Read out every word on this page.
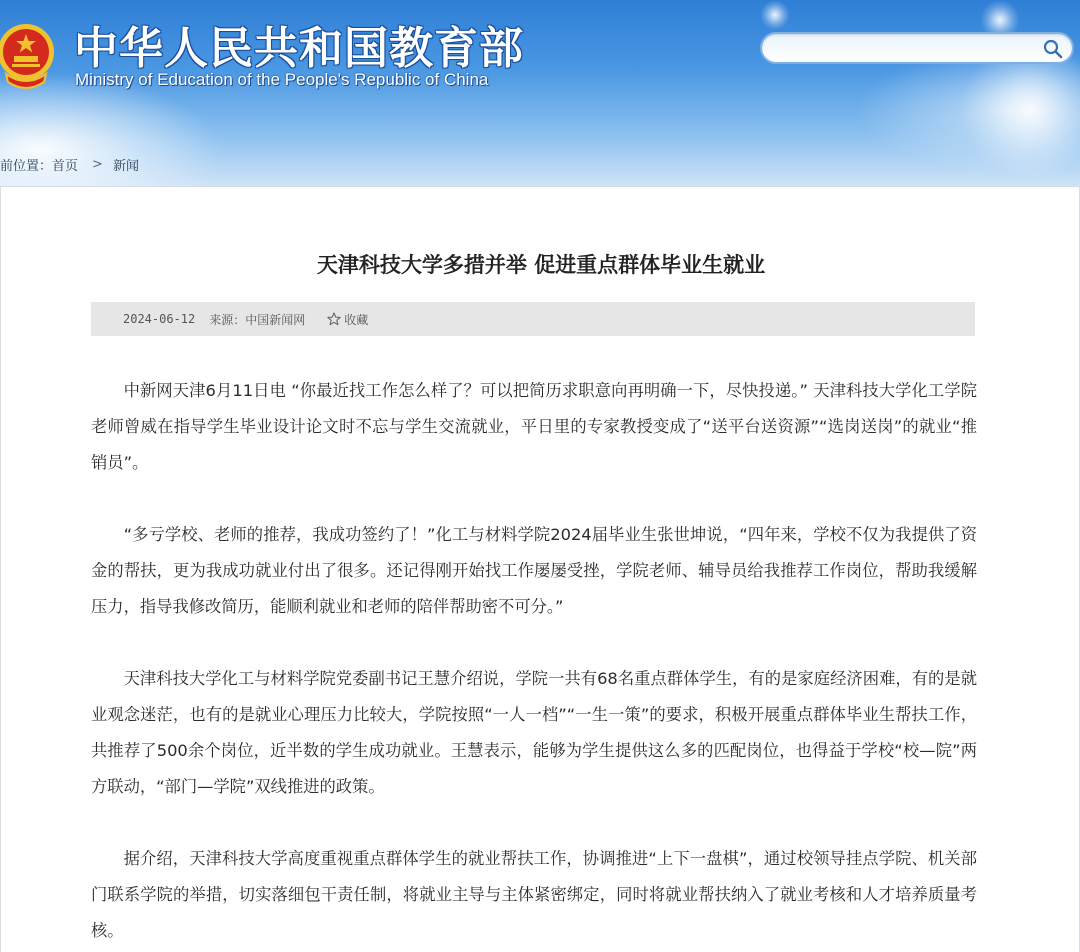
中华人民共和国教育部
Ministry of Education of the People's Republic of China
前位置： 首页 > 新闻
天津科技大学多措并举 促进重点群体毕业生就业
2024-06-12 来源：中国新闻网	收藏

中新网天津6月11日电 “你最近找工作怎么样了？可以把简历求职意向再明确一下，尽快投递。” 天津科技大学化工学院老师曾威在指导学生毕业设计论文时不忘与学生交流就业，平日里的专家教授变成了“送平台送资源”“选岗送岗”的就业“推销员”。

“多亏学校、老师的推荐，我成功签约了！”化工与材料学院2024届毕业生张世坤说，“四年来，学校不仅为我提供了资金的帮扶，更为我成功就业付出了很多。还记得刚开始找工作屡屡受挫，学院老师、辅导员给我推荐工作岗位，帮助我缓解压力，指导我修改简历，能顺利就业和老师的陪伴帮助密不可分。”

天津科技大学化工与材料学院党委副书记王慧介绍说，学院一共有68名重点群体学生，有的是家庭经济困难，有的是就业观念迷茫，也有的是就业心理压力比较大，学院按照“一人一档”“一生一策”的要求，积极开展重点群体毕业生帮扶工作，共推荐了500余个岗位，近半数的学生成功就业。王慧表示，能够为学生提供这么多的匹配岗位，也得益于学校“校—院”两方联动，“部门—学院”双线推进的政策。

据介绍，天津科技大学高度重视重点群体学生的就业帮扶工作，协调推进“上下一盘棋”，通过校领导挂点学院、机关部门联系学院的举措，切实落细包干责任制，将就业主导与主体紧密绑定，同时将就业帮扶纳入了就业考核和人才培养质量考核。
